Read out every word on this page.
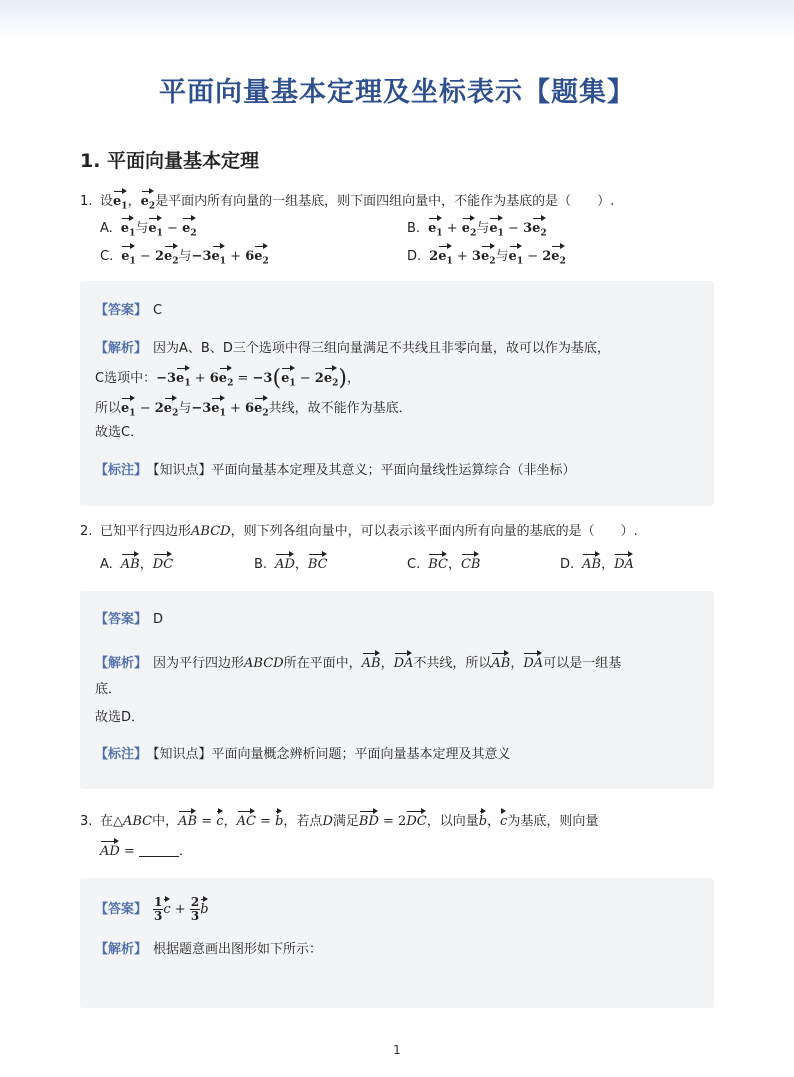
平面向量基本定理及坐标表示【题集】
1. 平面向量基本定理
1. 设$e_1$，$e_2$是平面内所有向量的一组基底，则下面四组向量中，不能作为基底的是（　　）.
A. $e_1$与$e_1 - e_2$	B. $e_1 + e_2$与$e_1 - 3e_2$
C. $e_1 - 2e_2$与$-3e_1 + 6e_2$	D. $2e_1 + 3e_2$与$e_1 - 2e_2$
【答案】 C
【解析】 因为A、B、D三个选项中得三组向量满足不共线且非零向量，故可以作为基底，
C选项中：$-3e_1 + 6e_2 = -3(e_1 - 2e_2)$，
所以$e_1 - 2e_2$与$-3e_1 + 6e_2$共线，故不能作为基底．
故选C．
【标注】 【知识点】平面向量基本定理及其意义；平面向量线性运算综合（非坐标）
2. 已知平行四边形ABCD，则下列各组向量中，可以表示该平面内所有向量的基底的是（　　）.
A. AB，DC	B. AD，BC	C. BC，CB	D. AB，DA
【答案】 D
【解析】 因为平行四边形ABCD所在平面中，AB，DA不共线，所以AB，DA可以是一组基
底．
故选D．
【标注】 【知识点】平面向量概念辨析问题；平面向量基本定理及其意义
3. 在△ABC中，AB = c，AC = b，若点D满足BD = 2DC，以向量b，c为基底，则向量
AD =	．
【答案】 $\frac{1}{3}$ $c + \frac{2}{3}$ b
【解析】 根据题意画出图形如下所示：
1
